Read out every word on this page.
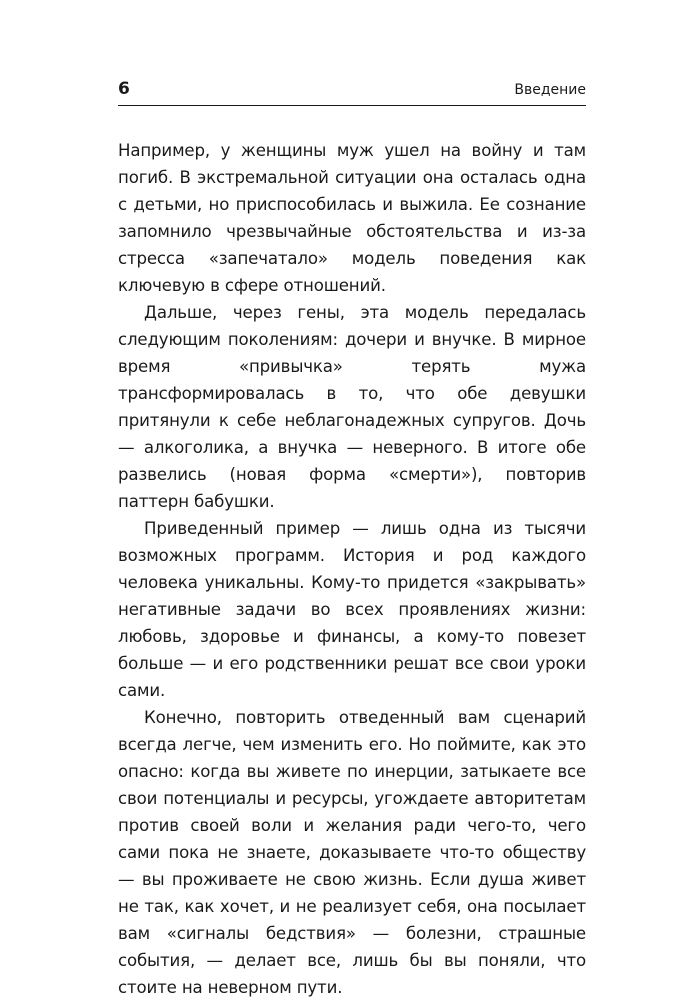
6	Введение

Например, у женщины муж ушел на войну и там погиб. В экстремальной ситуации она осталась одна с детьми, но приспособилась и выжила. Ее сознание запомнило чрезвычайные обстоятельства и из-за стресса «запечатало» модель поведения как ключевую в сфере отношений.

Дальше, через гены, эта модель передалась следующим поколениям: дочери и внучке. В мирное время «привычка» терять мужа трансформировалась в то, что обе девушки притянули к себе неблагонадежных супругов. Дочь — алкоголика, а внучка — неверного. В итоге обе развелись (новая форма «смерти»), повторив паттерн бабушки.

Приведенный пример — лишь одна из тысячи возможных программ. История и род каждого человека уникальны. Кому-то придется «закрывать» негативные задачи во всех проявлениях жизни: любовь, здоровье и финансы, а кому-то повезет больше — и его родственники решат все свои уроки сами.

Конечно, повторить отведенный вам сценарий всегда легче, чем изменить его. Но поймите, как это опасно: когда вы живете по инерции, затыкаете все свои потенциалы и ресурсы, угождаете авторитетам против своей воли и желания ради чего-то, чего сами пока не знаете, доказываете что-то обществу — вы проживаете не свою жизнь. Если душа живет не так, как хочет, и не реализует себя, она посылает вам «сигналы бедствия» — болезни, страшные события, — делает все, лишь бы вы поняли, что стоите на неверном пути.
